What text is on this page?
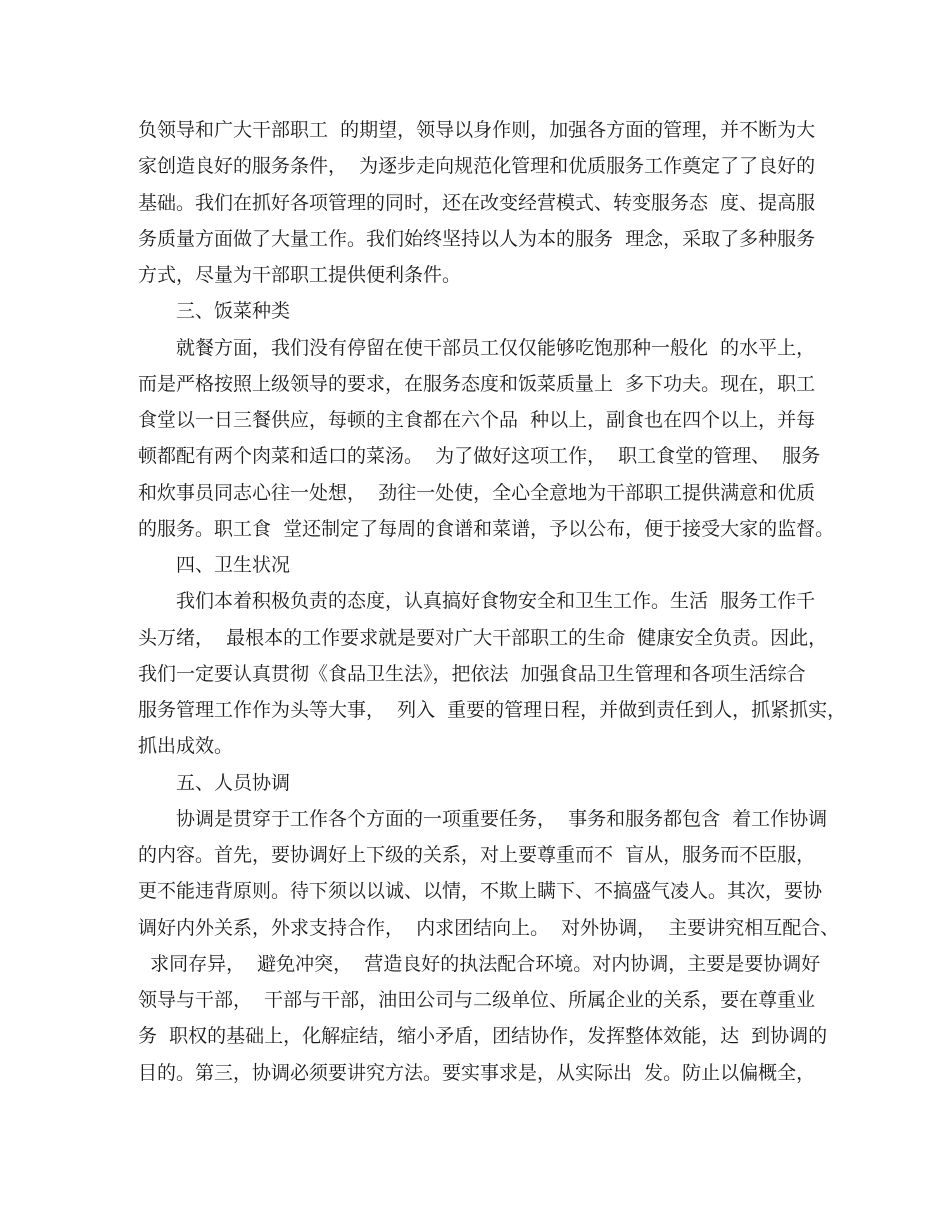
负领导和广大干部职工  的期望，领导以身作则，加强各方面的管理，并不断为大

家创造良好的服务条件，  为逐步走向规范化管理和优质服务工作奠定了了良好的

基础。我们在抓好各项管理的同时，还在改变经营模式、转变服务态  度、提高服

务质量方面做了大量工作。我们始终坚持以人为本的服务  理念，采取了多种服务

方式，尽量为干部职工提供便利条件。

三、饭菜种类

就餐方面，我们没有停留在使干部员工仅仅能够吃饱那种一般化  的水平上，

而是严格按照上级领导的要求，在服务态度和饭菜质量上  多下功夫。现在，职工

食堂以一日三餐供应，每顿的主食都在六个品  种以上，副食也在四个以上，并每

顿都配有两个肉菜和适口的菜汤。  为了做好这项工作，  职工食堂的管理、  服务

和炊事员同志心往一处想，  劲往一处使，全心全意地为干部职工提供满意和优质

的服务。职工食  堂还制定了每周的食谱和菜谱，予以公布，便于接受大家的监督。

四、卫生状况

我们本着积极负责的态度，认真搞好食物安全和卫生工作。生活  服务工作千

头万绪，  最根本的工作要求就是要对广大干部职工的生命  健康安全负责。因此，

我们一定要认真贯彻《食品卫生法》，把依法  加强食品卫生管理和各项生活综合

服务管理工作作为头等大事，  列入  重要的管理日程，并做到责任到人，抓紧抓实，

抓出成效。

五、人员协调

协调是贯穿于工作各个方面的一项重要任务，  事务和服务都包含  着工作协调

的内容。首先，要协调好上下级的关系，对上要尊重而不  盲从，服务而不臣服，

更不能违背原则。待下须以以诚、以情，不欺上瞒下、不搞盛气凌人。其次，要协

调好内外关系，外求支持合作，  内求团结向上。  对外协调，  主要讲究相互配合、

求同存异，  避免冲突，  营造良好的执法配合环境。对内协调，主要是要协调好

领导与干部，  干部与干部，油田公司与二级单位、所属企业的关系，要在尊重业

务  职权的基础上，化解症结，缩小矛盾，团结协作，发挥整体效能，达  到协调的

目的。第三，协调必须要讲究方法。要实事求是，从实际出  发。防止以偏概全，
